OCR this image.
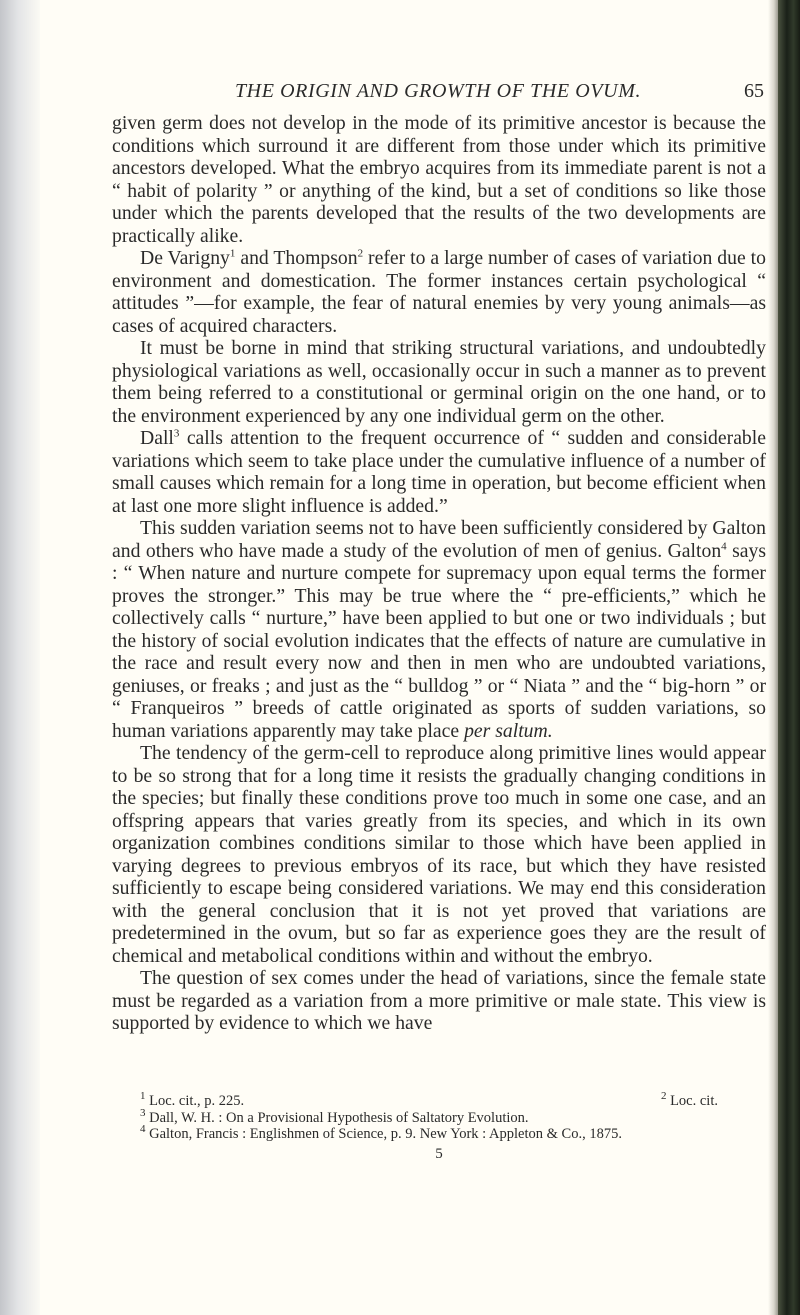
THE ORIGIN AND GROWTH OF THE OVUM.	65

given germ does not develop in the mode of its primitive ancestor is because the conditions which surround it are different from those under which its primitive ancestors developed. What the embryo acquires from its immediate parent is not a “ habit of polarity ” or anything of the kind, but a set of conditions so like those under which the parents developed that the results of the two developments are practically alike.

De Varigny$^1$ and Thompson$^2$ refer to a large number of cases of variation due to environment and domestication. The former instances certain psychological “ attitudes ”—for example, the fear of natural enemies by very young animals—as cases of acquired characters.

It must be borne in mind that striking structural variations, and undoubtedly physiological variations as well, occasionally occur in such a manner as to prevent them being referred to a constitutional or germinal origin on the one hand, or to the environment experienced by any one individual germ on the other.

Dall$^3$ calls attention to the frequent occurrence of “ sudden and considerable variations which seem to take place under the cumulative influence of a number of small causes which remain for a long time in operation, but become efficient when at last one more slight influence is added.”

This sudden variation seems not to have been sufficiently considered by Galton and others who have made a study of the evolution of men of genius. Galton$^4$ says : “ When nature and nurture compete for supremacy upon equal terms the former proves the stronger.” This may be true where the “ pre-efficients,” which he collectively calls “ nurture,” have been applied to but one or two individuals ; but the history of social evolution indicates that the effects of nature are cumulative in the race and result every now and then in men who are undoubted variations, geniuses, or freaks ; and just as the “ bulldog ” or “ Niata ” and the “ big-horn ” or “ Franqueiros ” breeds of cattle originated as sports of sudden variations, so human variations apparently may take place per saltum.

The tendency of the germ-cell to reproduce along primitive lines would appear to be so strong that for a long time it resists the gradually changing conditions in the species; but finally these conditions prove too much in some one case, and an offspring appears that varies greatly from its species, and which in its own organization combines conditions similar to those which have been applied in varying degrees to previous embryos of its race, but which they have resisted sufficiently to escape being considered variations. We may end this consideration with the general conclusion that it is not yet proved that variations are predetermined in the ovum, but so far as experience goes they are the result of chemical and metabolical conditions within and without the embryo.

The question of sex comes under the head of variations, since the female state must be regarded as a variation from a more primitive or male state. This view is supported by evidence to which we have

$^1$ Loc. cit., p. 225.	$^2$ Loc. cit.
$^3$ Dall, W. H. : On a Provisional Hypothesis of Saltatory Evolution.
$^4$ Galton, Francis : Englishmen of Science, p. 9. New York : Appleton & Co., 1875.
5
